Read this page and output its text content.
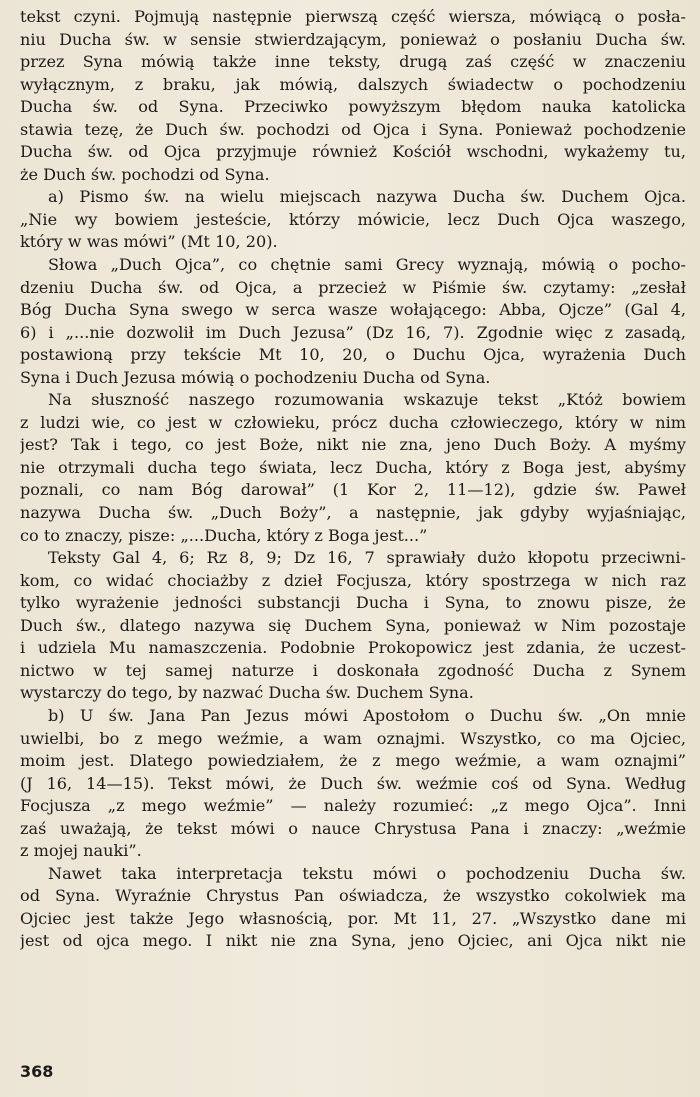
tekst czyni. Pojmują następnie pierwszą część wiersza, mówiącą o posła-
niu Ducha św. w sensie stwierdzającym, ponieważ o posłaniu Ducha św.
przez Syna mówią także inne teksty, drugą zaś część w znaczeniu
wyłącznym, z braku, jak mówią, dalszych świadectw o pochodzeniu
Ducha św. od Syna. Przeciwko powyższym błędom nauka katolicka
stawia tezę, że Duch św. pochodzi od Ojca i Syna. Ponieważ pochodzenie
Ducha św. od Ojca przyjmuje również Kościół wschodni, wykażemy tu,
że Duch św. pochodzi od Syna.

a) Pismo św. na wielu miejscach nazywa Ducha św. Duchem Ojca.
„Nie wy bowiem jesteście, którzy mówicie, lecz Duch Ojca waszego,
który w was mówi” (Mt 10, 20).

Słowa „Duch Ojca”, co chętnie sami Grecy wyznają, mówią o pocho-
dzeniu Ducha św. od Ojca, a przecież w Piśmie św. czytamy: „zesłał
Bóg Ducha Syna swego w serca wasze wołającego: Abba, Ojcze” (Gal 4,
6) i „...nie dozwolił im Duch Jezusa” (Dz 16, 7). Zgodnie więc z zasadą,
postawioną przy tekście Mt 10, 20, o Duchu Ojca, wyrażenia Duch
Syna i Duch Jezusa mówią o pochodzeniu Ducha od Syna.

Na słuszność naszego rozumowania wskazuje tekst „Któż bowiem
z ludzi wie, co jest w człowieku, prócz ducha człowieczego, który w nim
jest? Tak i tego, co jest Boże, nikt nie zna, jeno Duch Boży. A myśmy
nie otrzymali ducha tego świata, lecz Ducha, który z Boga jest, abyśmy
poznali, co nam Bóg darował” (1 Kor 2, 11—12), gdzie św. Paweł
nazywa Ducha św. „Duch Boży”, a następnie, jak gdyby wyjaśniając,
co to znaczy, pisze: „...Ducha, który z Boga jest...”

Teksty Gal 4, 6; Rz 8, 9; Dz 16, 7 sprawiały dużo kłopotu przeciwni-
kom, co widać chociażby z dzieł Focjusza, który spostrzega w nich raz
tylko wyrażenie jedności substancji Ducha i Syna, to znowu pisze, że
Duch św., dlatego nazywa się Duchem Syna, ponieważ w Nim pozostaje
i udziela Mu namaszczenia. Podobnie Prokopowicz jest zdania, że uczest-
nictwo w tej samej naturze i doskonała zgodność Ducha z Synem
wystarczy do tego, by nazwać Ducha św. Duchem Syna.

b) U św. Jana Pan Jezus mówi Apostołom o Duchu św. „On mnie
uwielbi, bo z mego weźmie, a wam oznajmi. Wszystko, co ma Ojciec,
moim jest. Dlatego powiedziałem, że z mego weźmie, a wam oznajmi”
(J 16, 14—15). Tekst mówi, że Duch św. weźmie coś od Syna. Według
Focjusza „z mego weźmie” — należy rozumieć: „z mego Ojca”. Inni
zaś uważają, że tekst mówi o nauce Chrystusa Pana i znaczy: „weźmie
z mojej nauki”.

Nawet taka interpretacja tekstu mówi o pochodzeniu Ducha św.
od Syna. Wyraźnie Chrystus Pan oświadcza, że wszystko cokolwiek ma
Ojciec jest także Jego własnością, por. Mt 11, 27. „Wszystko dane mi
jest od ojca mego. I nikt nie zna Syna, jeno Ojciec, ani Ojca nikt nie

368
